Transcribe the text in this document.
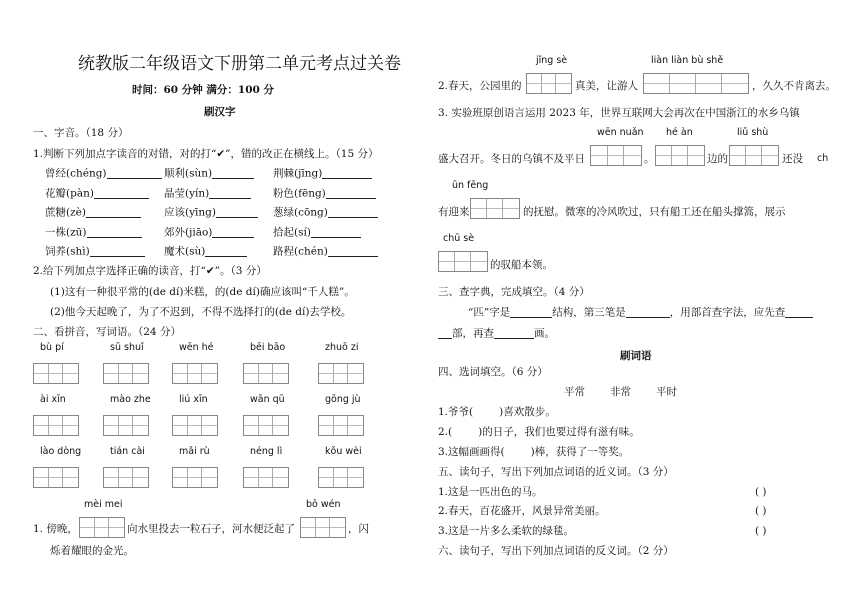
统教版二年级语文下册第二单元考点过关卷
时间：60 分钟 满分：100 分
刷汉字
一、字音。（18 分）
1.判断下列加点字读音的对错，对的打“✔”，错的改正在横线上。（15 分）
曾经(chéng)	顺利(sùn)	荆棘(jīng)
花瓣(pàn)	晶莹(yín)	粉色(fēng)
蔗糖(zè)	应该(yīng)	葱绿(cōng)
一株(zū)	郊外(jiāo)	拾起(sí)
饲养(shì)	魔术(sù)	路程(chén)
2.给下列加点字选择正确的读音，打“✔”。（3 分）
(1)这有一种很平常的(de dí)米糕，的(de dí)确应该叫“千人糕”。
(2)他今天起晚了，为了不迟到，不得不选择打的(de dí)去学校。
二、看拼音，写词语。（24 分）
bù pí	sū shuǐ	wēn hé	bēi bāo	zhuō zi
ài xīn	mào zhe	liú xīn	wān qū	gōng jù
lào dòng	tián cài	mǎi rù	néng lì	kǒu wèi
mèi mei	bō wén
1. 傍晚，	向水里投去一粒石子，河水便泛起了	，闪
烁着耀眼的金光。
jǐng sè	liàn liàn bù shě
2.春天，公园里的	真美，让游人	，久久不肯离去。
3. 实验班原创语言运用 2023 年，世界互联网大会再次在中国浙江的水乡乌镇
wēn nuǎn hé àn	liǔ shù
盛大召开。冬日的乌镇不及平日	。	边的	还没 ch
ūn fēng
有迎来	的抚慰。微寒的冷风吹过，只有船工还在船头撑篙，展示
chū sè
的驭船本领。
三、查字典，完成填空。（4 分）
“匹”字是	结构，第三笔是	，用部首查字法，应先查
部，再查	画。
刷词语
四、选词填空。（6 分）
平常 非常 平时
1.爷爷( )喜欢散步。
2.( )的日子，我们也要过得有滋有味。
3.这幅画画得( )棒，获得了一等奖。
五、读句子，写出下列加点词语的近义词。（3 分）
1.这是一匹出色的马。	( )
2.春天，百花盛开，风景异常美丽。	( )
3.这是一片多么柔软的绿毯。	( )
六、读句子，写出下列加点词语的反义词。（2 分）
